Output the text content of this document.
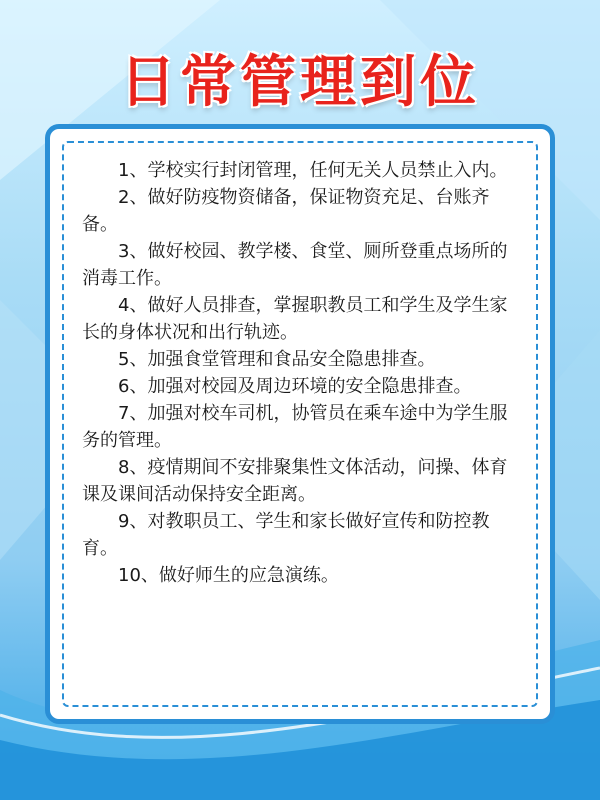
日常管理到位
1、学校实行封闭管理，任何无关人员禁止入内。
2、做好防疫物资储备，保证物资充足、台账齐备。
3、做好校园、教学楼、食堂、厕所登重点场所的消毒工作。
4、做好人员排查，掌握职教员工和学生及学生家长的身体状况和出行轨迹。
5、加强食堂管理和食品安全隐患排查。
6、加强对校园及周边环境的安全隐患排查。
7、加强对校车司机，协管员在乘车途中为学生服务的管理。
8、疫情期间不安排聚集性文体活动，问操、体育课及课间活动保持安全距离。
9、对教职员工、学生和家长做好宣传和防控教育。
10、做好师生的应急演练。
